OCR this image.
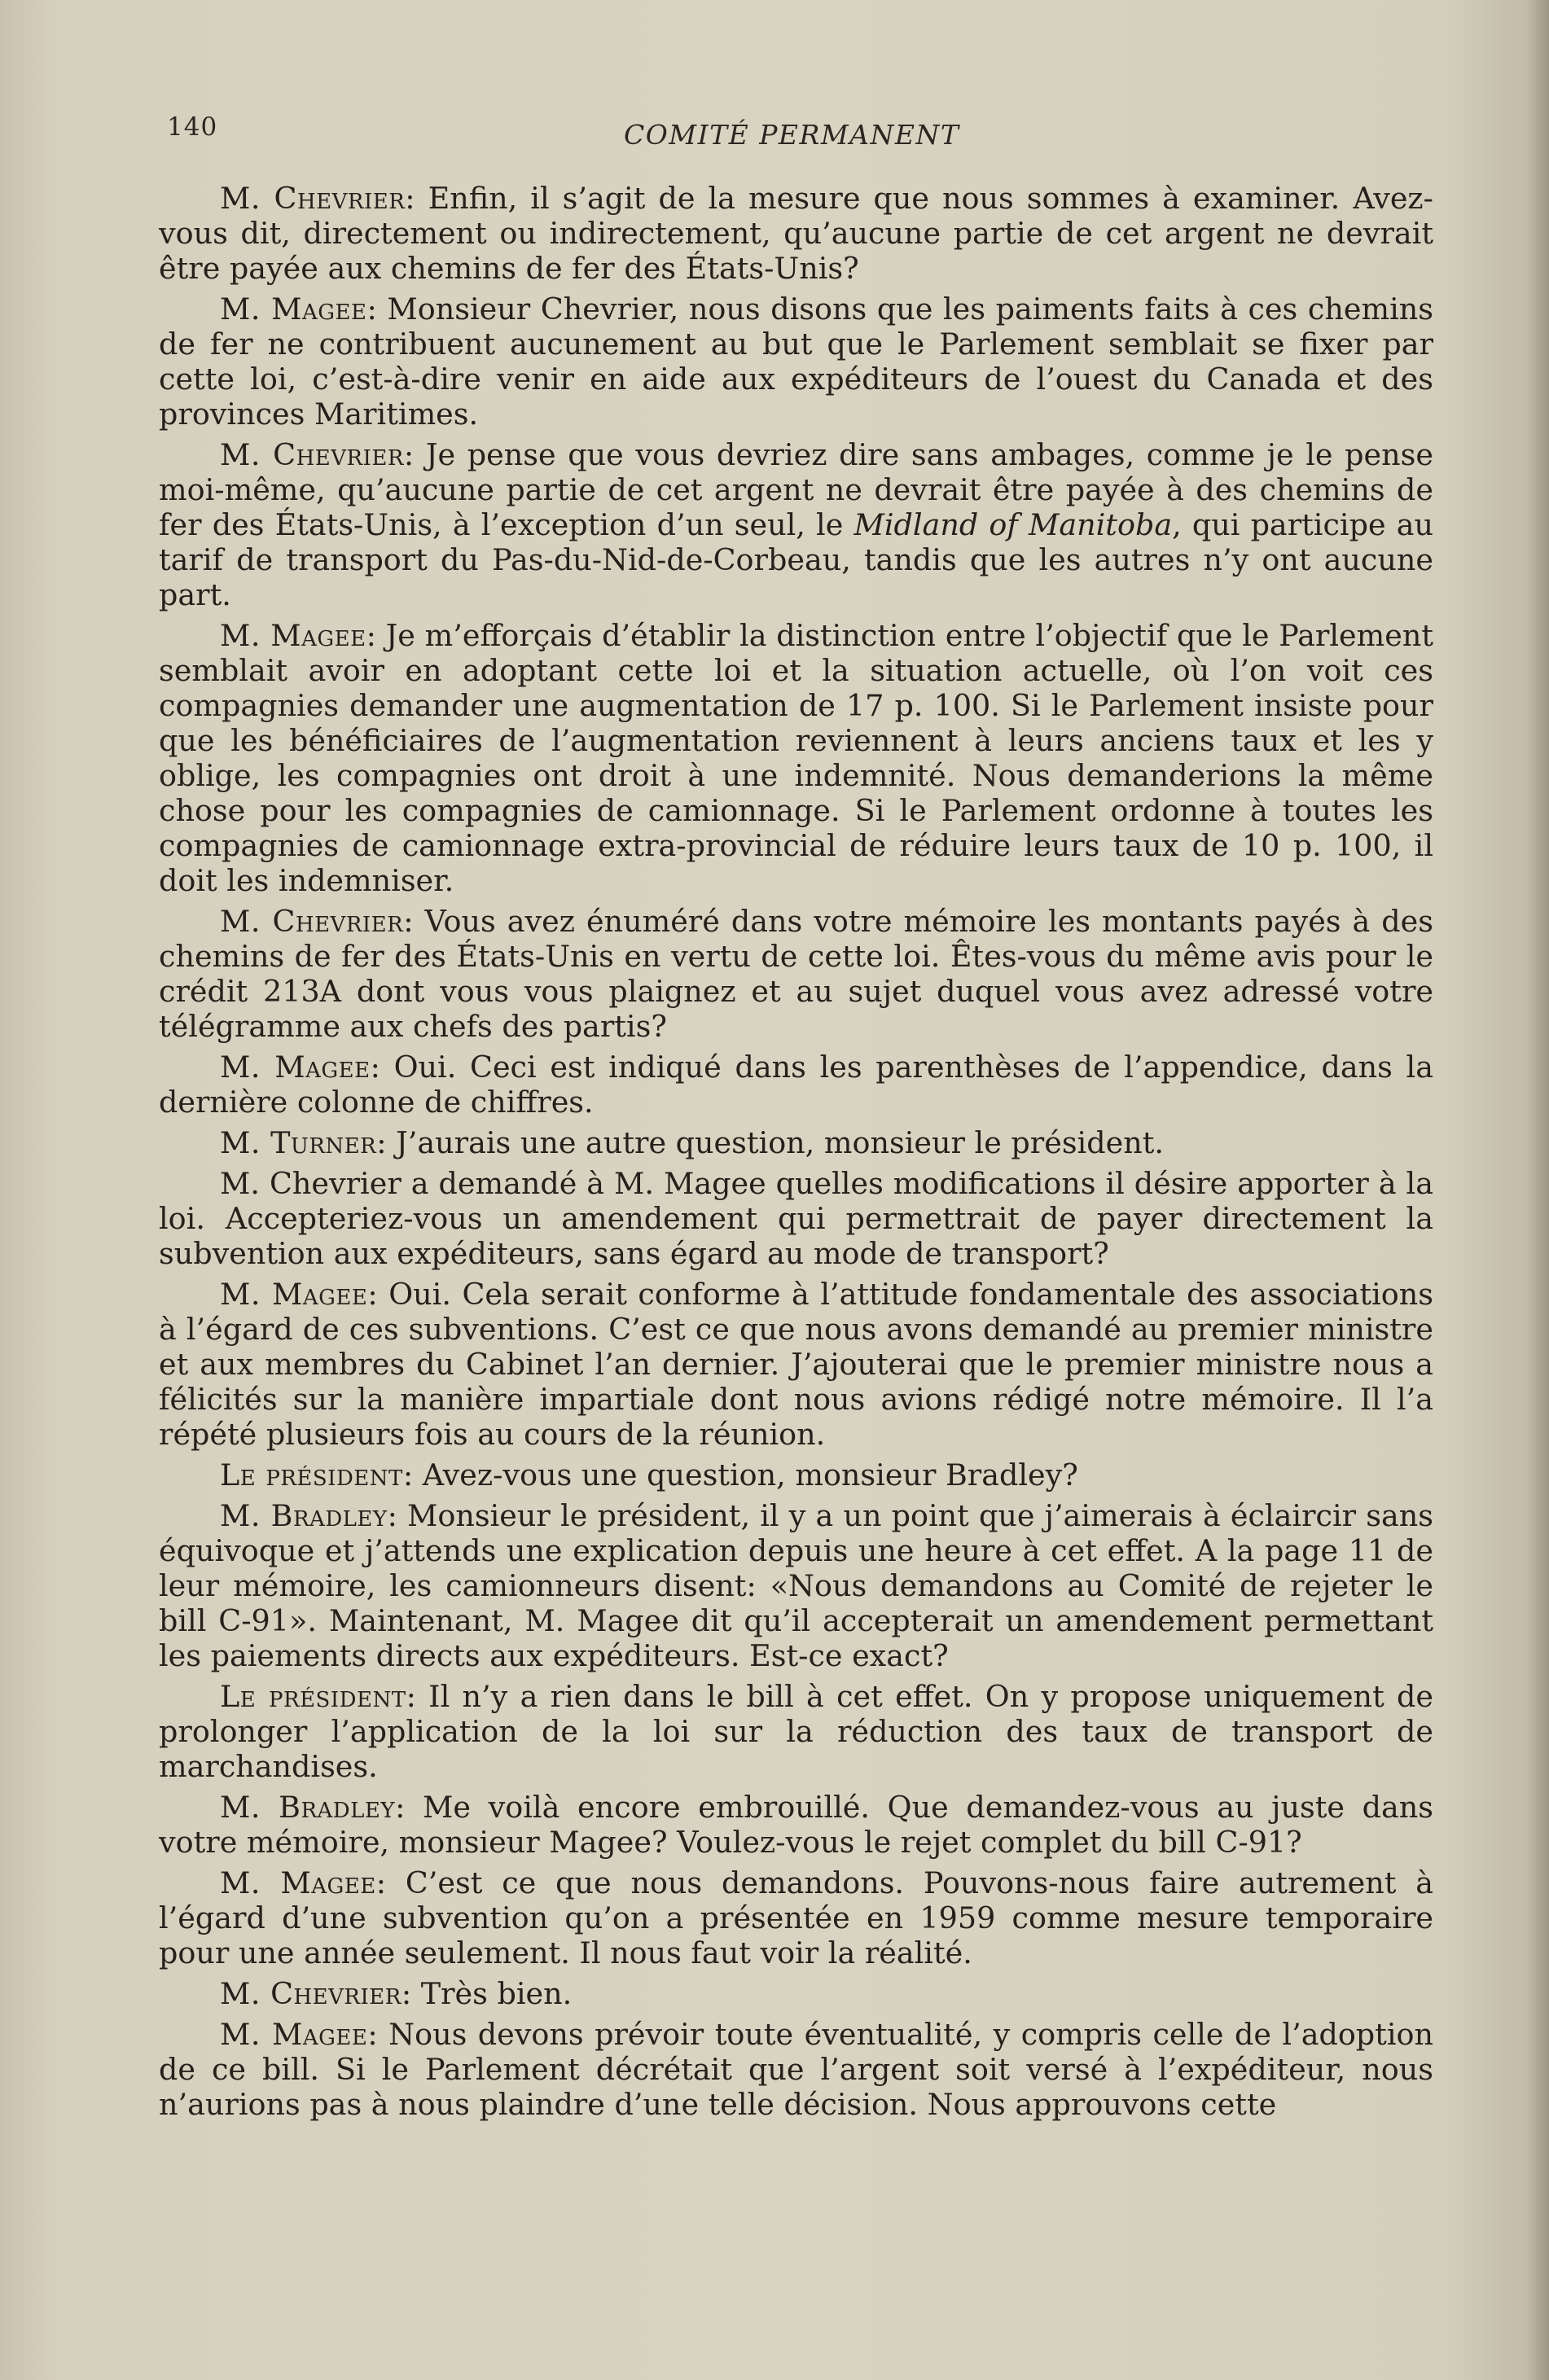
140	COMITÉ PERMANENT

M. Chevrier: Enfin, il s’agit de la mesure que nous sommes à examiner. Avez-vous dit, directement ou indirectement, qu’aucune partie de cet argent ne devrait être payée aux chemins de fer des États-Unis?

M. Magee: Monsieur Chevrier, nous disons que les paiments faits à ces chemins de fer ne contribuent aucunement au but que le Parlement semblait se fixer par cette loi, c’est-à-dire venir en aide aux expéditeurs de l’ouest du Canada et des provinces Maritimes.

M. Chevrier: Je pense que vous devriez dire sans ambages, comme je le pense moi-même, qu’aucune partie de cet argent ne devrait être payée à des chemins de fer des États-Unis, à l’exception d’un seul, le Midland of Manitoba, qui participe au tarif de transport du Pas-du-Nid-de-Corbeau, tandis que les autres n’y ont aucune part.

M. Magee: Je m’efforçais d’établir la distinction entre l’objectif que le Parlement semblait avoir en adoptant cette loi et la situation actuelle, où l’on voit ces compagnies demander une augmentation de 17 p. 100. Si le Parlement insiste pour que les bénéficiaires de l’augmentation reviennent à leurs anciens taux et les y oblige, les compagnies ont droit à une indemnité. Nous demanderions la même chose pour les compagnies de camionnage. Si le Parlement ordonne à toutes les compagnies de camionnage extra-provincial de réduire leurs taux de 10 p. 100, il doit les indemniser.

M. Chevrier: Vous avez énuméré dans votre mémoire les montants payés à des chemins de fer des États-Unis en vertu de cette loi. Êtes-vous du même avis pour le crédit 213A dont vous vous plaignez et au sujet duquel vous avez adressé votre télégramme aux chefs des partis?

M. Magee: Oui. Ceci est indiqué dans les parenthèses de l’appendice, dans la dernière colonne de chiffres.

M. Turner: J’aurais une autre question, monsieur le président.

M. Chevrier a demandé à M. Magee quelles modifications il désire apporter à la loi. Accepteriez-vous un amendement qui permettrait de payer directement la subvention aux expéditeurs, sans égard au mode de transport?

M. Magee: Oui. Cela serait conforme à l’attitude fondamentale des associations à l’égard de ces subventions. C’est ce que nous avons demandé au premier ministre et aux membres du Cabinet l’an dernier. J’ajouterai que le premier ministre nous a félicités sur la manière impartiale dont nous avions rédigé notre mémoire. Il l’a répété plusieurs fois au cours de la réunion.

Le président: Avez-vous une question, monsieur Bradley?

M. Bradley: Monsieur le président, il y a un point que j’aimerais à éclaircir sans équivoque et j’attends une explication depuis une heure à cet effet. A la page 11 de leur mémoire, les camionneurs disent: «Nous demandons au Comité de rejeter le bill C-91». Maintenant, M. Magee dit qu’il accepterait un amendement permettant les paiements directs aux expéditeurs. Est-ce exact?

Le président: Il n’y a rien dans le bill à cet effet. On y propose uniquement de prolonger l’application de la loi sur la réduction des taux de transport de marchandises.

M. Bradley: Me voilà encore embrouillé. Que demandez-vous au juste dans votre mémoire, monsieur Magee? Voulez-vous le rejet complet du bill C-91?

M. Magee: C’est ce que nous demandons. Pouvons-nous faire autrement à l’égard d’une subvention qu’on a présentée en 1959 comme mesure temporaire pour une année seulement. Il nous faut voir la réalité.

M. Chevrier: Très bien.

M. Magee: Nous devons prévoir toute éventualité, y compris celle de l’adoption de ce bill. Si le Parlement décrétait que l’argent soit versé à l’expéditeur, nous n’aurions pas à nous plaindre d’une telle décision. Nous approuvons cette
